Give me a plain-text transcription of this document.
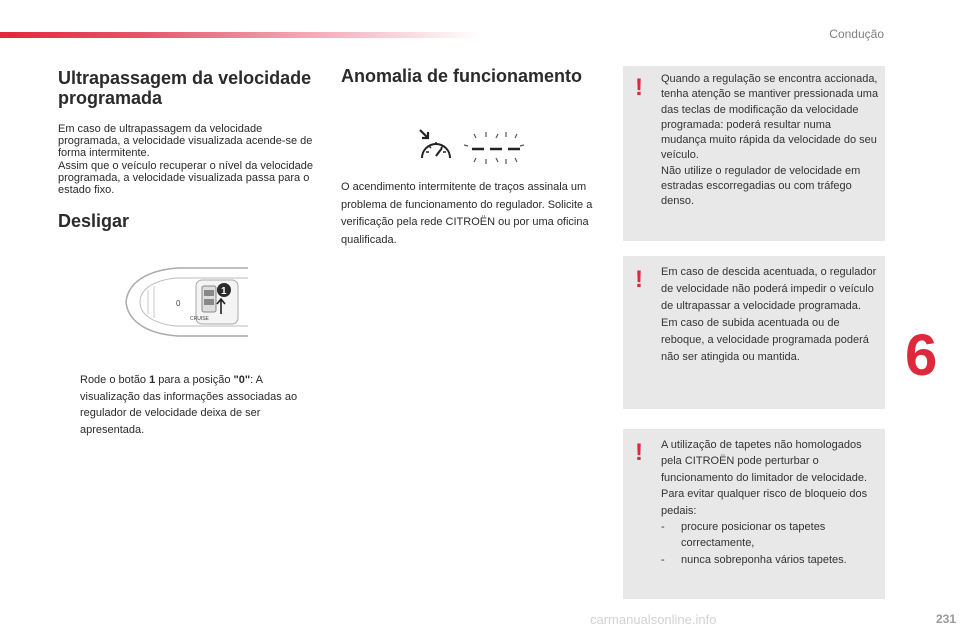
Condução
Ultrapassagem da velocidade programada
Em caso de ultrapassagem da velocidade programada, a velocidade visualizada acende-se de forma intermitente.
Assim que o veículo recuperar o nível da velocidade programada, a velocidade visualizada passa para o estado fixo.
Desligar
0
CRUISE
1
Rode o botão 1 para a posição "0": A visualização das informações associadas ao regulador de velocidade deixa de ser apresentada.
Anomalia de funcionamento
O acendimento intermitente de traços assinala um problema de funcionamento do regulador. Solicite a verificação pela rede CITROËN ou por uma oficina qualificada.
! Quando a regulação se encontra accionada, tenha atenção se mantiver pressionada uma das teclas de modificação da velocidade programada: poderá resultar numa mudança muito rápida da velocidade do seu veículo.
Não utilize o regulador de velocidade em estradas escorregadias ou com tráfego denso.
! Em caso de descida acentuada, o regulador de velocidade não poderá impedir o veículo de ultrapassar a velocidade programada.
Em caso de subida acentuada ou de reboque, a velocidade programada poderá não ser atingida ou mantida.
! A utilização de tapetes não homologados pela CITROËN pode perturbar o funcionamento do limitador de velocidade.
Para evitar qualquer risco de bloqueio dos pedais:
- procure posicionar os tapetes correctamente,
- nunca sobreponha vários tapetes.
6
carmanualsonline.info	231
